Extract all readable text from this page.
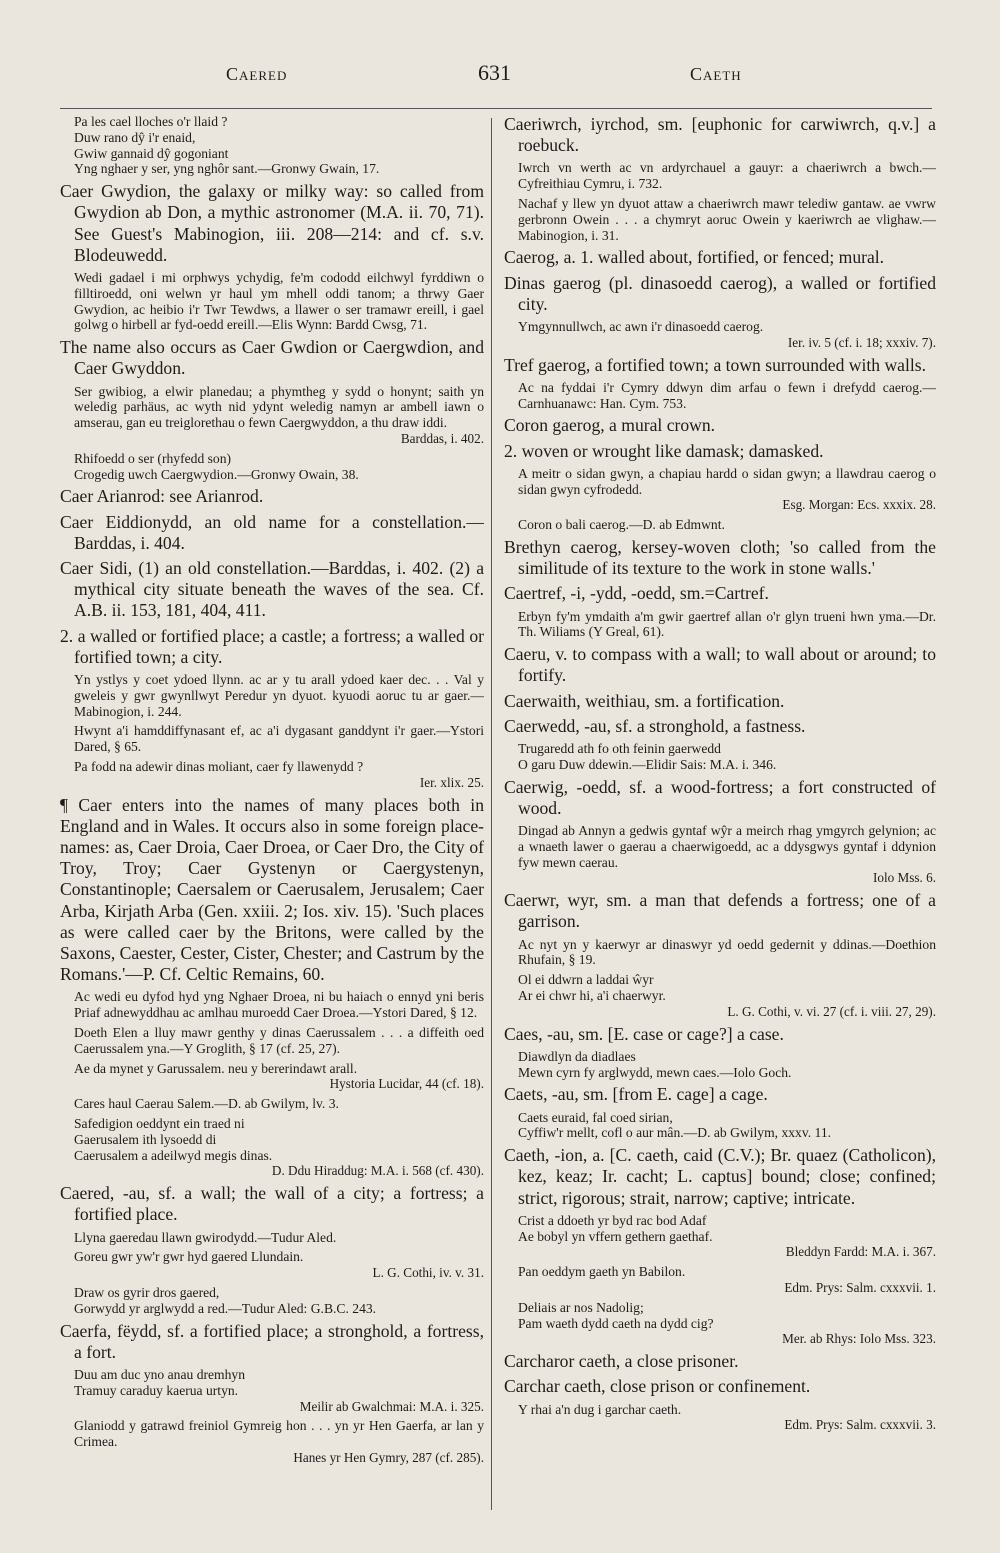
Caered	631	Caeth
Pa les cael lloches o'r llaid ?
Duw rano dŷ i'r enaid,
Gwiw gannaid dŷ gogoniant
Yng nghaer y ser, yng nghôr sant.—Gronwy Gwain, 17.
Caer Gwydion, the galaxy or milky way: so called from Gwydion ab Don, a mythic astronomer (M.A. ii. 70, 71). See Guest's Mabinogion, iii. 208—214: and cf. s.v. Blodeuwedd.
Wedi gadael i mi orphwys ychydig, fe'm cododd eilchwyl fyrddiwn o filltiroedd, oni welwn yr haul ym mhell oddi tanom; a thrwy Gaer Gwydion, ac heibio i'r Twr Tewdws, a llawer o ser tramawr ereill, i gael golwg o hirbell ar fyd-oedd ereill.—Elis Wynn: Bardd Cwsg, 71.
The name also occurs as Caer Gwdion or Caergwdion, and Caer Gwyddon.
Ser gwibiog, a elwir planedau; a phymtheg y sydd o honynt; saith yn weledig parhäus, ac wyth nid ydynt weledig namyn ar ambell iawn o amserau, gan eu treiglorethau o fewn Caergwyddon, a thu draw iddi.
Barddas, i. 402.
Rhifoedd o ser (rhyfedd son)
Crogedig uwch Caergwydion.—Gronwy Owain, 38.
Caer Arianrod: see Arianrod.
Caer Eiddionydd, an old name for a constellation.—Barddas, i. 404.
Caer Sidi, (1) an old constellation.—Barddas, i. 402. (2) a mythical city situate beneath the waves of the sea. Cf. A.B. ii. 153, 181, 404, 411.
2. a walled or fortified place; a castle; a fortress; a walled or fortified town; a city.
Yn ystlys y coet ydoed llynn. ac ar y tu arall ydoed kaer dec. . . Val y gweleis y gwr gwynllwyt Peredur yn dyuot. kyuodi aoruc tu ar gaer.—Mabinogion, i. 244.
Hwynt a'i hamddiffynasant ef, ac a'i dygasant ganddynt i'r gaer.—Ystori Dared, § 65.
Pa fodd na adewir dinas moliant, caer fy llawenydd ?
Ier. xlix. 25.
¶ Caer enters into the names of many places both in England and in Wales. It occurs also in some foreign place-names: as, Caer Droia, Caer Droea, or Caer Dro, the City of Troy, Troy; Caer Gystenyn or Caergystenyn, Constantinople; Caersalem or Caerusalem, Jerusalem; Caer Arba, Kirjath Arba (Gen. xxiii. 2; Ios. xiv. 15). 'Such places as were called caer by the Britons, were called by the Saxons, Caester, Cester, Cister, Chester; and Castrum by the Romans.'—P. Cf. Celtic Remains, 60.
Ac wedi eu dyfod hyd yng Nghaer Droea, ni bu haiach o ennyd yni beris Priaf adnewyddhau ac amlhau muroedd Caer Droea.—Ystori Dared, § 12.
Doeth Elen a lluy mawr genthy y dinas Caerussalem . . . a diffeith oed Caerussalem yna.—Y Groglith, § 17 (cf. 25, 27).
Ae da mynet y Garussalem. neu y bererindawt arall.
Hystoria Lucidar, 44 (cf. 18).
Cares haul Caerau Salem.—D. ab Gwilym, lv. 3.
Safedigion oeddynt ein traed ni
Gaerusalem ith lysoedd di
Caerusalem a adeilwyd megis dinas.
D. Ddu Hiraddug: M.A. i. 568 (cf. 430).
Caered, -au, sf. a wall; the wall of a city; a fortress; a fortified place.
Llyna gaeredau llawn gwirodydd.—Tudur Aled.
Goreu gwr yw'r gwr hyd gaered Llundain.
L. G. Cothi, iv. v. 31.
Draw os gyrir dros gaered,
Gorwydd yr arglwydd a red.—Tudur Aled: G.B.C. 243.
Caerfa, fëydd, sf. a fortified place; a stronghold, a fortress, a fort.
Duu am duc yno anau dremhyn
Tramuy caraduy kaerua urtyn.
Meilir ab Gwalchmai: M.A. i. 325.
Glaniodd y gatrawd freiniol Gymreig hon . . . yn yr Hen Gaerfa, ar lan y Crimea.
Hanes yr Hen Gymry, 287 (cf. 285).
Caeriwrch, iyrchod, sm. [euphonic for carwiwrch, q.v.] a roebuck.
Iwrch vn werth ac vn ardyrchauel a gauyr: a chaeriwrch a bwch.—Cyfreithiau Cymru, i. 732.
Nachaf y llew yn dyuot attaw a chaeriwrch mawr telediw gantaw. ae vwrw gerbronn Owein . . . a chymryt aoruc Owein y kaeriwrch ae vlighaw.—Mabinogion, i. 31.
Caerog, a. 1. walled about, fortified, or fenced; mural.
Dinas gaerog (pl. dinasoedd caerog), a walled or fortified city.
Ymgynnullwch, ac awn i'r dinasoedd caerog.
Ier. iv. 5 (cf. i. 18; xxxiv. 7).
Tref gaerog, a fortified town; a town surrounded with walls.
Ac na fyddai i'r Cymry ddwyn dim arfau o fewn i drefydd caerog.—Carnhuanawc: Han. Cym. 753.
Coron gaerog, a mural crown.
2. woven or wrought like damask; damasked.
A meitr o sidan gwyn, a chapiau hardd o sidan gwyn; a llawdrau caerog o sidan gwyn cyfrodedd.
Esg. Morgan: Ecs. xxxix. 28.
Coron o bali caerog.—D. ab Edmwnt.
Brethyn caerog, kersey-woven cloth; 'so called from the similitude of its texture to the work in stone walls.'
Caertref, -i, -ydd, -oedd, sm.=Cartref.
Erbyn fy'm ymdaith a'm gwir gaertref allan o'r glyn trueni hwn yma.—Dr. Th. Wiliams (Y Greal, 61).
Caeru, v. to compass with a wall; to wall about or around; to fortify.
Caerwaith, weithiau, sm. a fortification.
Caerwedd, -au, sf. a stronghold, a fastness.
Trugaredd ath fo oth feinin gaerwedd
O garu Duw ddewin.—Elidir Sais: M.A. i. 346.
Caerwig, -oedd, sf. a wood-fortress; a fort constructed of wood.
Dingad ab Annyn a gedwis gyntaf wŷr a meirch rhag ymgyrch gelynion; ac a wnaeth lawer o gaerau a chaerwigoedd, ac a ddysgwys gyntaf i ddynion fyw mewn caerau.
Iolo Mss. 6.
Caerwr, wyr, sm. a man that defends a fortress; one of a garrison.
Ac nyt yn y kaerwyr ar dinaswyr yd oedd gedernit y ddinas.—Doethion Rhufain, § 19.
Ol ei ddwrn a laddai ŵyr
Ar ei chwr hi, a'i chaerwyr.
L. G. Cothi, v. vi. 27 (cf. i. viii. 27, 29).
Caes, -au, sm. [E. case or cage?] a case.
Diawdlyn da diadlaes
Mewn cyrn fy arglwydd, mewn caes.—Iolo Goch.
Caets, -au, sm. [from E. cage] a cage.
Caets euraid, fal coed sirian,
Cyffiw'r mellt, cofl o aur mân.—D. ab Gwilym, xxxv. 11.
Caeth, -ion, a. [C. caeth, caid (C.V.); Br. quaez (Catholicon), kez, keaz; Ir. cacht; L. captus] bound; close; confined; strict, rigorous; strait, narrow; captive; intricate.
Crist a ddoeth yr byd rac bod Adaf
Ae bobyl yn vffern gethern gaethaf.
Bleddyn Fardd: M.A. i. 367.
Pan oeddym gaeth yn Babilon.
Edm. Prys: Salm. cxxxvii. 1.
Deliais ar nos Nadolig;
Pam waeth dydd caeth na dydd cig?
Mer. ab Rhys: Iolo Mss. 323.
Carcharor caeth, a close prisoner.
Carchar caeth, close prison or confinement.
Y rhai a'n dug i garchar caeth.
Edm. Prys: Salm. cxxxvii. 3.
